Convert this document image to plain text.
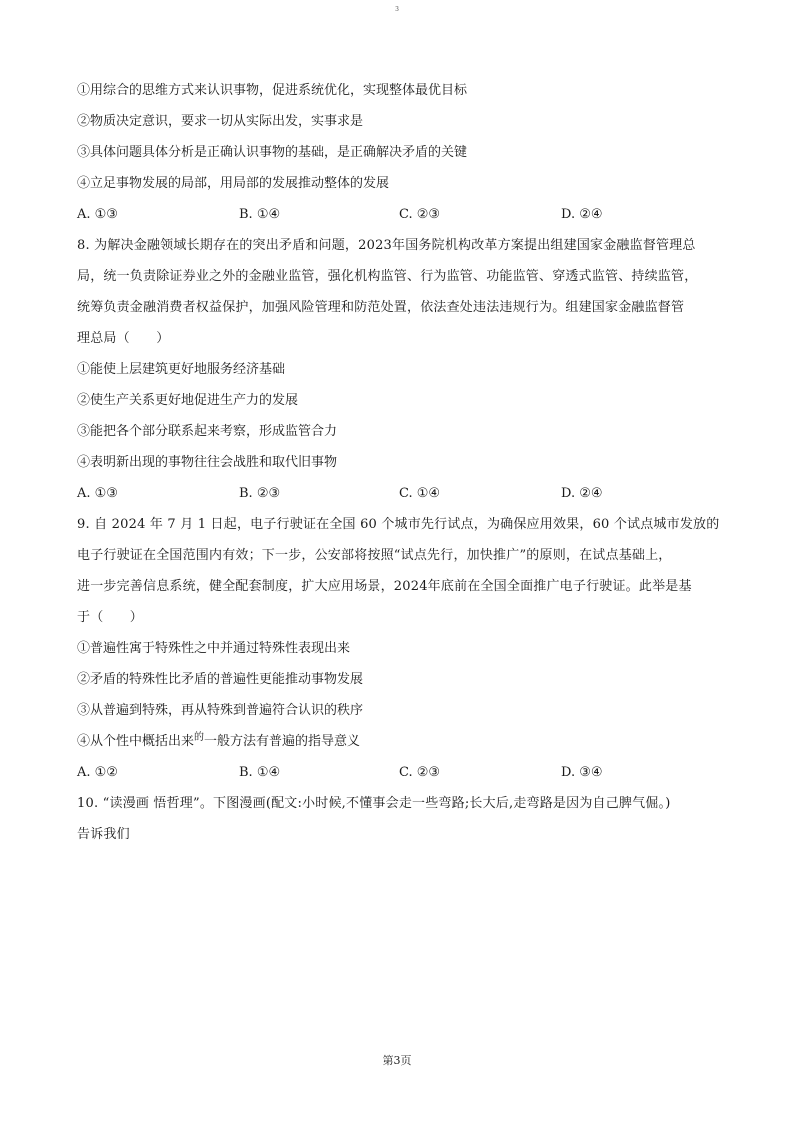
3
①用综合的思维方式来认识事物，促进系统优化，实现整体最优目标
②物质决定意识，要求一切从实际出发，实事求是
③具体问题具体分析是正确认识事物的基础，是正确解决矛盾的关键
④立足事物发展的局部，用局部的发展推动整体的发展
A. ①③	B. ①④	C. ②③	D. ②④
8. 为解决金融领域长期存在的突出矛盾和问题，2023年国务院机构改革方案提出组建国家金融监督管理总
局，统一负责除证券业之外的金融业监管，强化机构监管、行为监管、功能监管、穿透式监管、持续监管，
统筹负责金融消费者权益保护，加强风险管理和防范处置，依法查处违法违规行为。组建国家金融监督管
理总局（　　）
①能使上层建筑更好地服务经济基础
②使生产关系更好地促进生产力的发展
③能把各个部分联系起来考察，形成监管合力
④表明新出现的事物往往会战胜和取代旧事物
A. ①③	B. ②③	C. ①④	D. ②④
9. 自 2024 年 7 月 1 日起，电子行驶证在全国 60 个城市先行试点，为确保应用效果，60 个试点城市发放的
电子行驶证在全国范围内有效；下一步，公安部将按照“试点先行，加快推广”的原则，在试点基础上，
进一步完善信息系统，健全配套制度，扩大应用场景，2024年底前在全国全面推广电子行驶证。此举是基
于（　　）
①普遍性寓于特殊性之中并通过特殊性表现出来
②矛盾的特殊性比矛盾的普遍性更能推动事物发展
③从普遍到特殊，再从特殊到普遍符合认识的秩序
④从个性中概括出来$^的$一般方法有普遍的指导意义
A. ①②	B. ①④	C. ②③	D. ③④
10. “读漫画 悟哲理”。下图漫画(配文:小时候,不懂事会走一些弯路;长大后,走弯路是因为自己脾气倔。)
告诉我们
第3页
